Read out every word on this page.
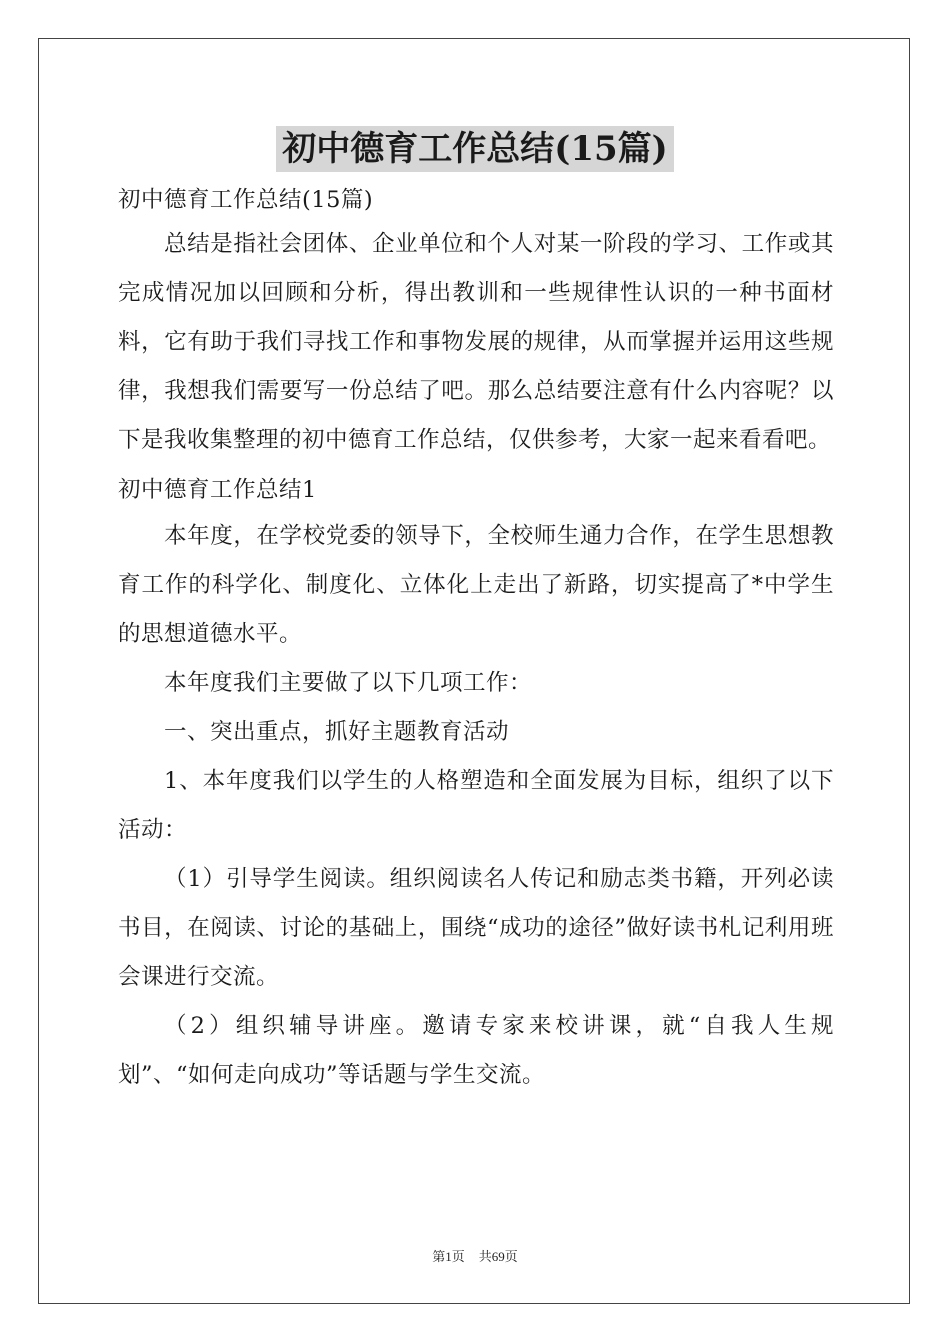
初中德育工作总结(15篇)

初中德育工作总结(15篇)

总结是指社会团体、企业单位和个人对某一阶段的学习、工作或其完成情况加以回顾和分析，得出教训和一些规律性认识的一种书面材料，它有助于我们寻找工作和事物发展的规律，从而掌握并运用这些规律，我想我们需要写一份总结了吧。那么总结要注意有什么内容呢？以下是我收集整理的初中德育工作总结，仅供参考，大家一起来看看吧。

初中德育工作总结1

本年度，在学校党委的领导下，全校师生通力合作，在学生思想教育工作的科学化、制度化、立体化上走出了新路，切实提高了*中学生的思想道德水平。

本年度我们主要做了以下几项工作：

一、突出重点，抓好主题教育活动

1、本年度我们以学生的人格塑造和全面发展为目标，组织了以下活动：

（1）引导学生阅读。组织阅读名人传记和励志类书籍，开列必读书目，在阅读、讨论的基础上，围绕“成功的途径”做好读书札记利用班会课进行交流。

（2）组织辅导讲座。邀请专家来校讲课，就“自我人生规划”、“如何走向成功”等话题与学生交流。

第1页 共69页
